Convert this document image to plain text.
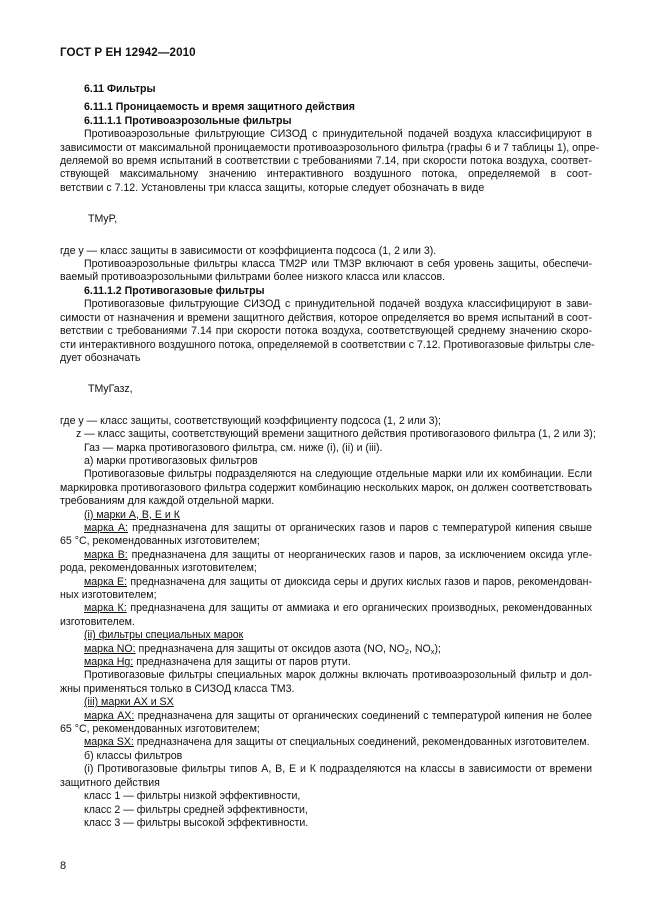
ГОСТ Р ЕН 12942—2010
6.11 Фильтры
6.11.1 Проницаемость и время защитного действия
6.11.1.1 Противоаэрозольные фильтры
Противоаэрозольные фильтрующие СИЗОД с принудительной подачей воздуха классифицируют в
зависимости от максимальной проницаемости противоаэрозольного фильтра (графы 6 и 7 таблицы 1), опре-
деляемой во время испытаний в соответствии с требованиями 7.14, при скорости потока воздуха, соответ-
ствующей максимальному значению интерактивного воздушного потока, определяемой в соот-
ветствии с 7.12. Установлены три класса защиты, которые следует обозначать в виде
TMyP,
где y — класс защиты в зависимости от коэффициента подсоса (1, 2 или 3).
Противоаэрозольные фильтры класса TM2P или TM3P включают в себя уровень защиты, обеспечи-
ваемый противоаэрозольными фильтрами более низкого класса или классов.
6.11.1.2 Противогазовые фильтры
Противогазовые фильтрующие СИЗОД с принудительной подачей воздуха классифицируют в зави-
симости от назначения и времени защитного действия, которое определяется во время испытаний в соот-
ветствии с требованиями 7.14 при скорости потока воздуха, соответствующей среднему значению скоро-
сти интерактивного воздушного потока, определяемой в соответствии с 7.12. Противогазовые фильтры сле-
дует обозначать
TMyГазz,
где y — класс защиты, соответствующий коэффициенту подсоса (1, 2 или 3);
z — класс защиты, соответствующий времени защитного действия противогазового фильтра (1, 2 или 3);
Газ — марка противогазового фильтра, см. ниже (i), (ii) и (iii).
а) марки противогазовых фильтров
Противогазовые фильтры подразделяются на следующие отдельные марки или их комбинации. Если
маркировка противогазового фильтра содержит комбинацию нескольких марок, он должен соответствовать
требованиям для каждой отдельной марки.
(i) марки А, В, Е и К
марка А: предназначена для защиты от органических газов и паров с температурой кипения свыше
65 °С, рекомендованных изготовителем;
марка В: предназначена для защиты от неорганических газов и паров, за исключением оксида угле-
рода, рекомендованных изготовителем;
марка Е: предназначена для защиты от диоксида серы и других кислых газов и паров, рекомендован-
ных изготовителем;
марка К: предназначена для защиты от аммиака и его органических производных, рекомендованных
изготовителем.
(ii) фильтры специальных марок
марка NO: предназначена для защиты от оксидов азота (NO, $NO_2$, $NO_x$);
марка Hg: предназначена для защиты от паров ртути.
Противогазовые фильтры специальных марок должны включать противоаэрозольный фильтр и дол-
жны применяться только в СИЗОД класса TM3.
(iii) марки АХ и SX
марка АХ: предназначена для защиты от органических соединений с температурой кипения не более
65 °С, рекомендованных изготовителем;
марка SX: предназначена для защиты от специальных соединений, рекомендованных изготовителем.
б) классы фильтров
(i) Противогазовые фильтры типов А, В, Е и К подразделяются на классы в зависимости от времени
защитного действия
класс 1 — фильтры низкой эффективности,
класс 2 — фильтры средней эффективности,
класс 3 — фильтры высокой эффективности.
8
